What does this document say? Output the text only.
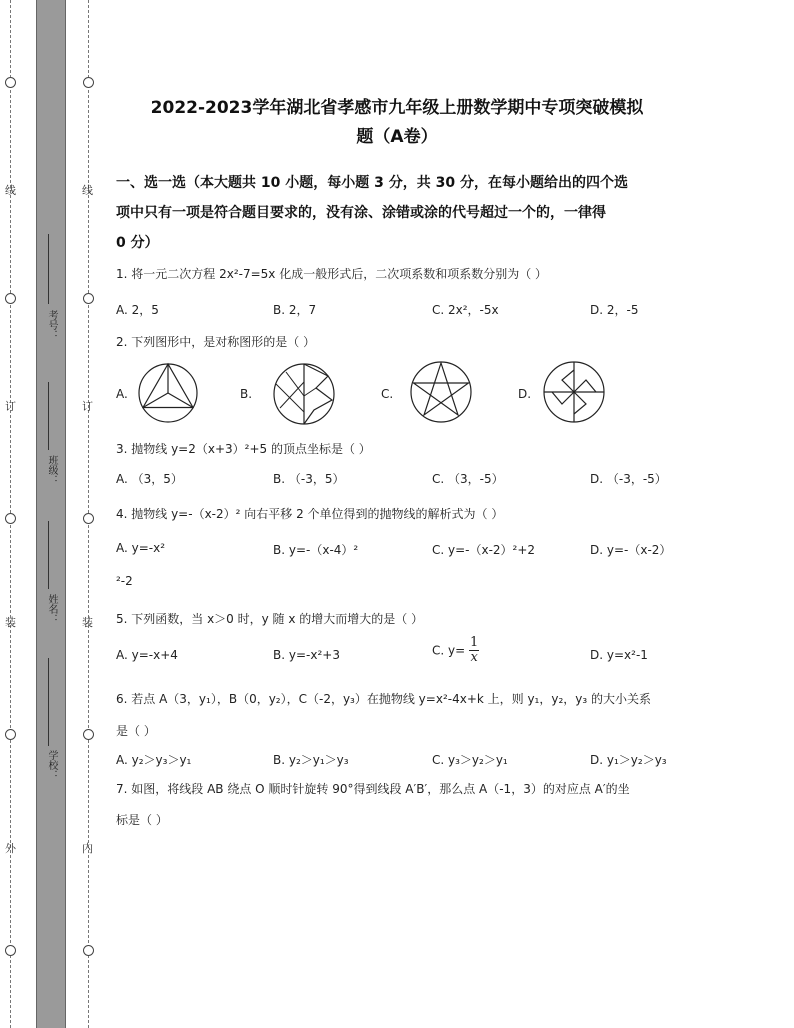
线
订
装
外
线
订
装
内
考号：
班级：
姓名：
学校：
2022-2023学年湖北省孝感市九年级上册数学期中专项突破模拟
题（A卷）
一、选一选（本大题共 10 小题，每小题 3 分，共 30 分，在每小题给出的四个选
项中只有一项是符合题目要求的，没有涂、涂错或涂的代号超过一个的，一律得
0 分）
1. 将一元二次方程 2x²-7=5x 化成一般形式后，二次项系数和项系数分别为（ ）
A. 2，5	B. 2，7	C. 2x²，-5x	D. 2，-5
2. 下列图形中，是对称图形的是（ ）
A.	B.	C.	D.
3. 抛物线 y=2（x+3）²+5 的顶点坐标是（ ）
A. （3，5）	B. （-3，5）	C. （3，-5）	D. （-3，-5）
4. 抛物线 y=-（x-2）² 向右平移 2 个单位得到的抛物线的解析式为（ ）
A. y=-x²	B. y=-（x-4）²	C. y=-（x-2）²+2	D. y=-（x-2）
²-2
5. 下列函数，当 x＞0 时，y 随 x 的增大而增大的是（ ）
A. y=-x+4	B. y=-x²+3	C. $y= \frac{1}{x}$	D. y=x²-1
6. 若点 A（3，y₁），B（0，y₂），C（-2，y₃）在抛物线 y=x²-4x+k 上，则 y₁，y₂，y₃ 的大小关系
是（ ）
A. y₂＞y₃＞y₁	B. y₂＞y₁＞y₃	C. y₃＞y₂＞y₁	D. y₁＞y₂＞y₃
7. 如图，将线段 AB 绕点 O 顺时针旋转 90°得到线段 A′B′，那么点 A（-1，3）的对应点 A′的坐
标是（ ）
